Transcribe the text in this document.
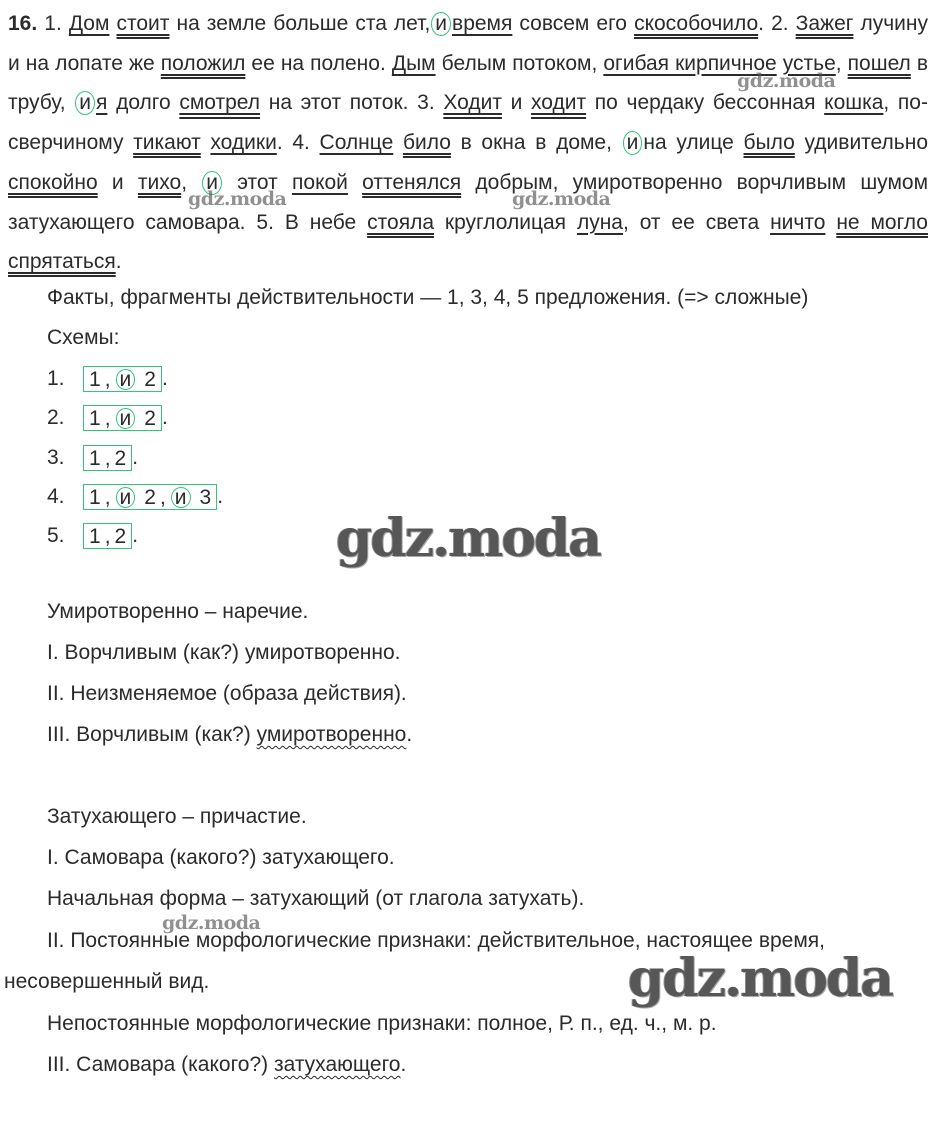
16. 1. Дом стоит на земле больше ста лет, и время совсем его скособочило. 2. Зажег лучину и на лопате же положил ее на полено. Дым белым потоком, огибая кирпичное устье, пошел в трубу, и я долго смотрел на этот поток. 3. Ходит и ходит по чердаку бессонная кошка, по-сверчиному тикают ходики. 4. Солнце било в окна в доме, и на улице было удивительно спокойно и тихо, и этот покой оттенялся добрым, умиротворенно ворчливым шумом затухающего самовара. 5. В небе стояла круглолицая луна, от ее света ничто не могло спрятаться.

Факты, фрагменты действительности — 1, 3, 4, 5 предложения. (=> сложные)

Схемы:

1.	1 , и 2 .
2.	1 , и 2 .
3.	1 , 2 .
4.	1 , и 2 , и 3 .
5.	1 , 2 .

Умиротворенно – наречие.

I. Ворчливым (как?) умиротворенно.

II. Неизменяемое (образа действия).

III. Ворчливым (как?) умиротворенно.

Затухающего – причастие.

I. Самовара (какого?) затухающего.

Начальная форма – затухающий (от глагола затухать).

II. Постоянные морфологические признаки: действительное, настоящее время,

несовершенный вид.

Непостоянные морфологические признаки: полное, Р. п., ед. ч., м. р.

III. Самовара (какого?) затухающего.

gdz.moda
gdz.moda	gdz.moda
gdz.moda
gdz.moda
gdz.moda
